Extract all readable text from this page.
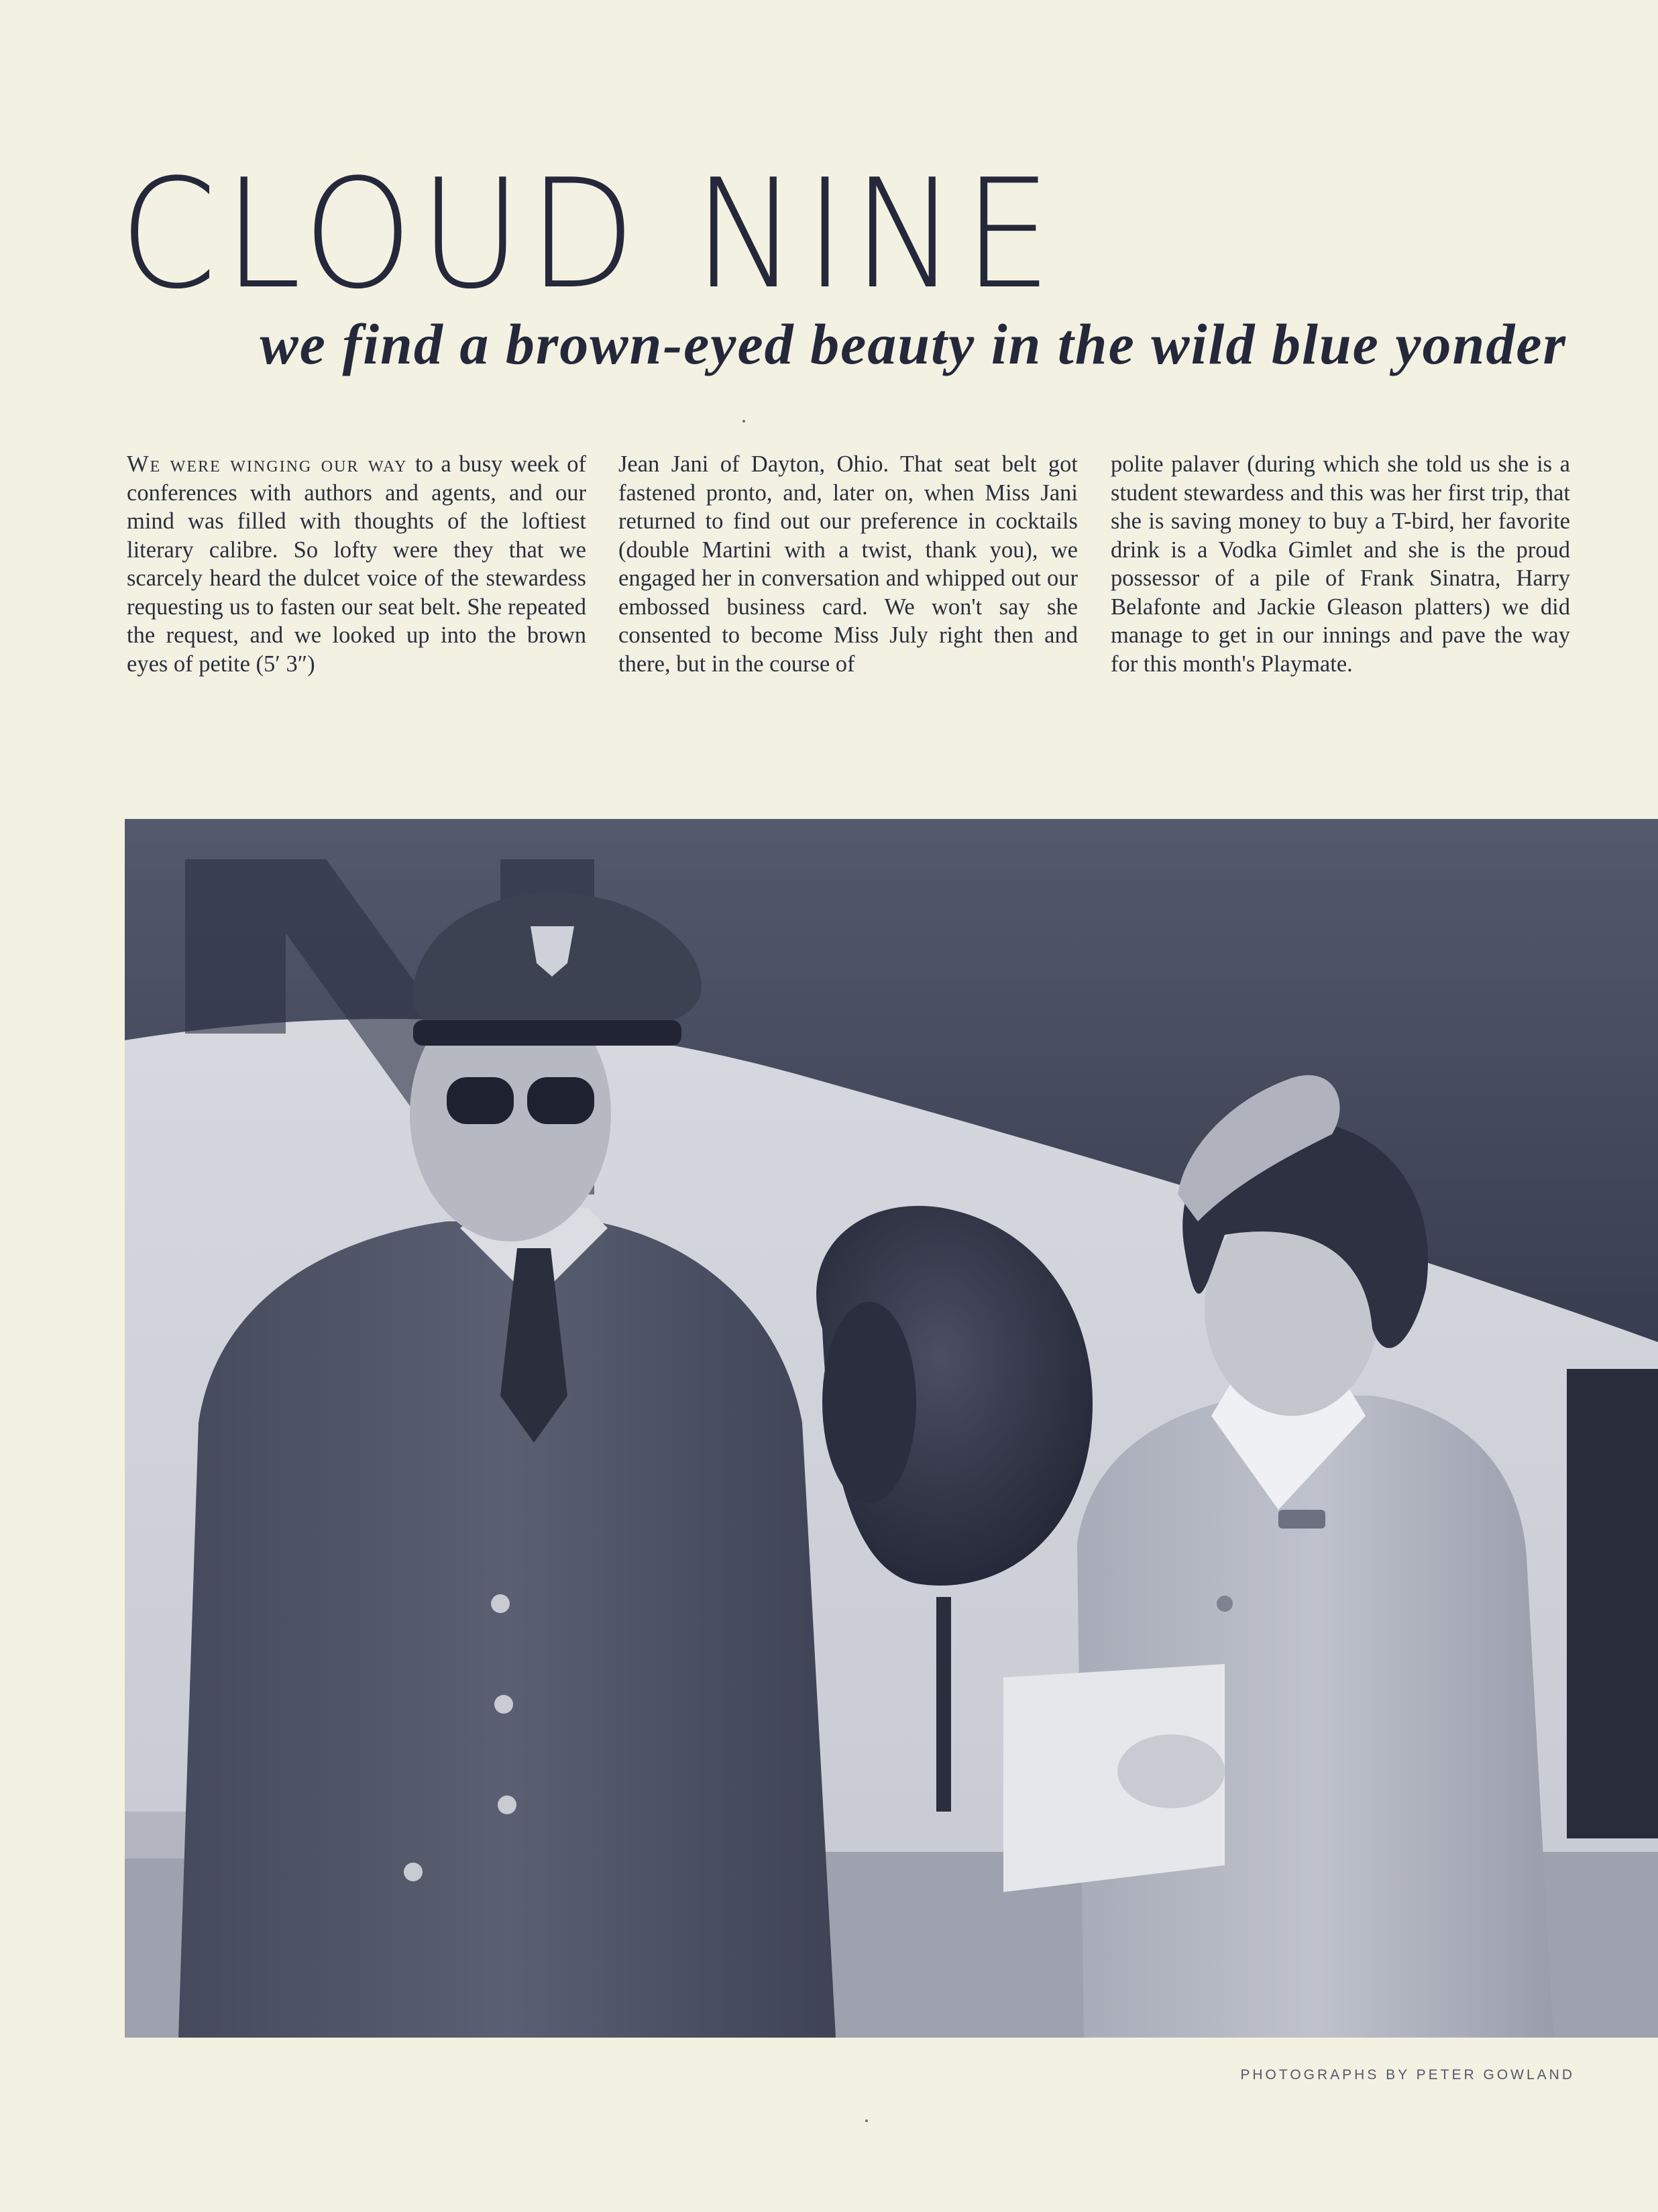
CLOUD NINE
we find a brown-eyed beauty in the wild blue yonder

We were winging our way to a busy week of conferences with authors and agents, and our mind was filled with thoughts of the loftiest literary calibre. So lofty were they that we scarcely heard the dulcet voice of the stewardess requesting us to fasten our seat belt. She repeated the request, and we looked up into the brown eyes of petite (5′ 3″)

Jean Jani of Dayton, Ohio. That seat belt got fastened pronto, and, later on, when Miss Jani returned to find out our preference in cocktails (double Martini with a twist, thank you), we engaged her in conversation and whipped out our embossed business card. We won't say she consented to become Miss July right then and there, but in the course of

polite palaver (during which she told us she is a student stewardess and this was her first trip, that she is saving money to buy a T-bird, her favorite drink is a Vodka Gimlet and she is the proud possessor of a pile of Frank Sinatra, Harry Belafonte and Jackie Gleason platters) we did manage to get in our innings and pave the way for this month's Playmate.

PHOTOGRAPHS BY PETER GOWLAND
